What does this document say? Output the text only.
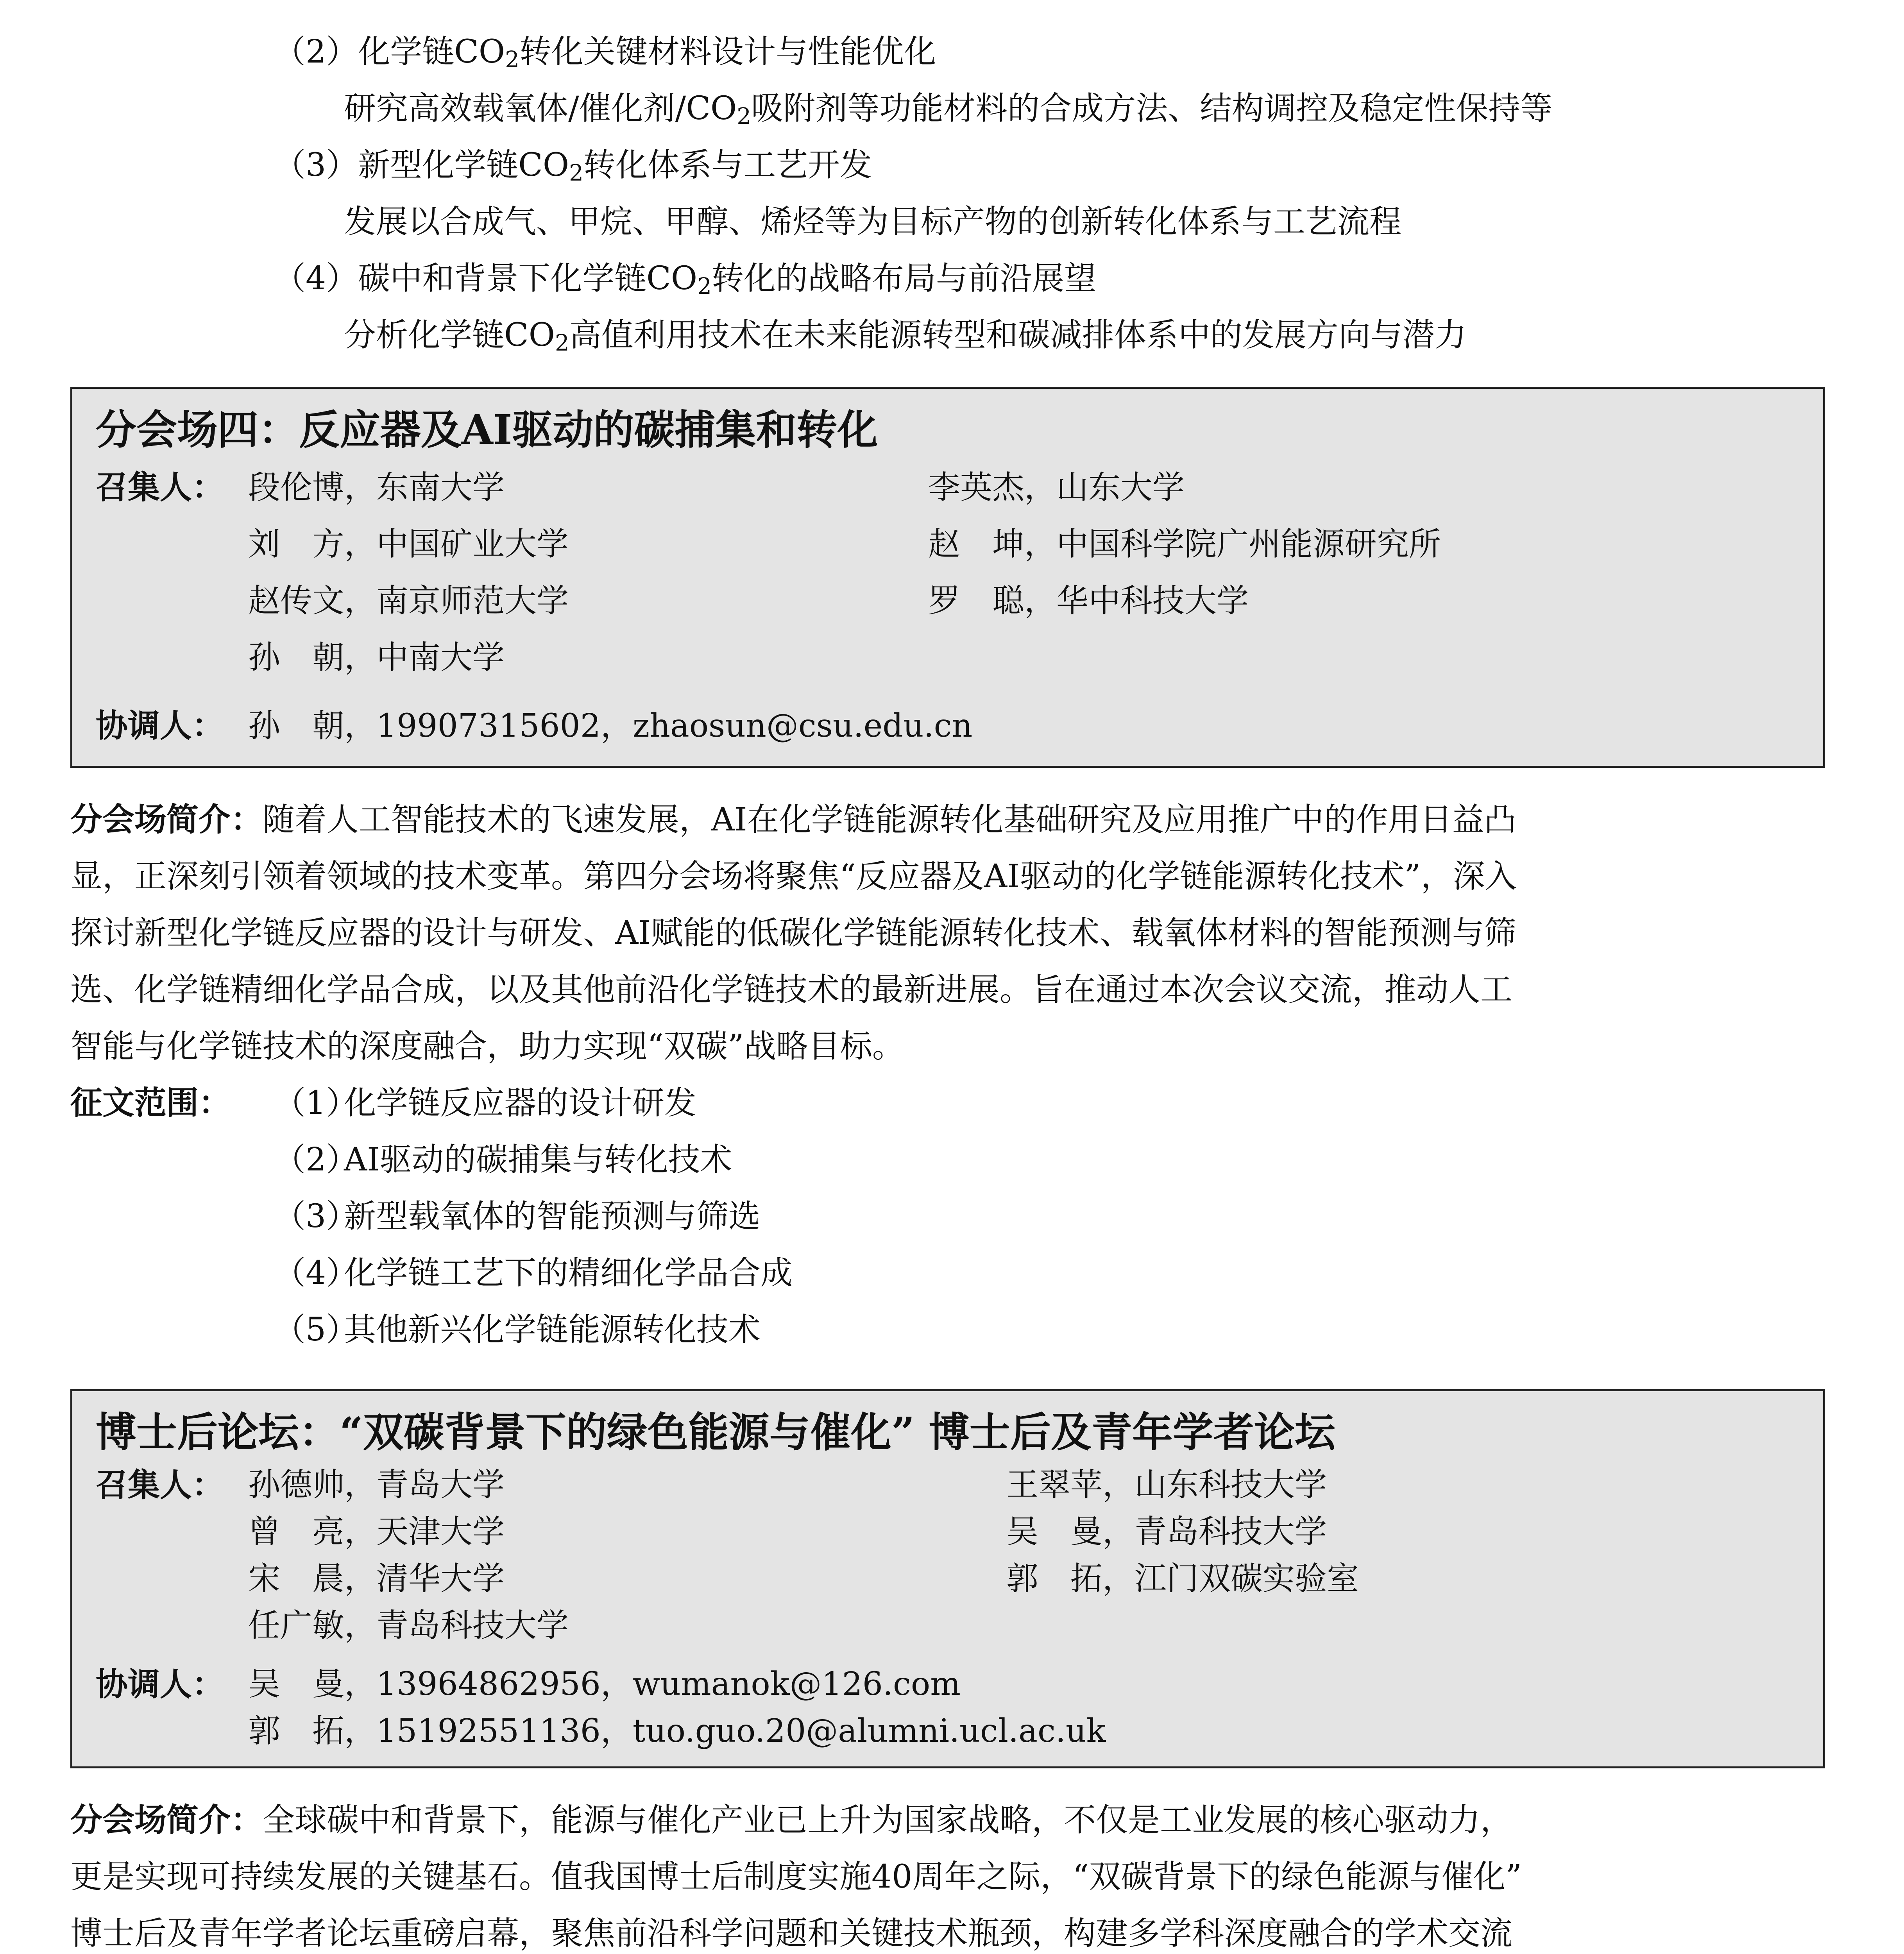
（2）化学链$CO_2$转化关键材料设计与性能优化
研究高效载氧体/催化剂$/CO_2$吸附剂等功能材料的合成方法、结构调控及稳定性保持等
（3）新型化学链$CO_2$转化体系与工艺开发
发展以合成气、甲烷、甲醇、烯烃等为目标产物的创新转化体系与工艺流程
（4）碳中和背景下化学链$CO_2$转化的战略布局与前沿展望
分析化学链$CO_2$高值利用技术在未来能源转型和碳减排体系中的发展方向与潜力
分会场四：反应器及AI驱动的碳捕集和转化
召集人： 段伦博，东南大学	李英杰，山东大学
刘　方，中国矿业大学	赵　坤，中国科学院广州能源研究所
赵传文，南京师范大学	罗　聪，华中科技大学
孙　朝，中南大学
协调人： 孙　朝，19907315602，zhaosun@csu.edu.cn
分会场简介：随着人工智能技术的飞速发展，AI在化学链能源转化基础研究及应用推广中的作用日益凸
显，正深刻引领着领域的技术变革。第四分会场将聚焦“反应器及AI驱动的化学链能源转化技术”，深入
探讨新型化学链反应器的设计与研发、AI赋能的低碳化学链能源转化技术、载氧体材料的智能预测与筛
选、化学链精细化学品合成，以及其他前沿化学链技术的最新进展。旨在通过本次会议交流，推动人工
智能与化学链技术的深度融合，助力实现“双碳”战略目标。
征文范围：	（1）
化学链反应器的设计研发
（2）
AI驱动的碳捕集与转化技术
（3）
新型载氧体的智能预测与筛选
（4）
化学链工艺下的精细化学品合成
（5）
其他新兴化学链能源转化技术
博士后论坛：“双碳背景下的绿色能源与催化” 博士后及青年学者论坛
召集人： 孙德帅，青岛大学	王翠苹，山东科技大学
曾　亮，天津大学	吴　曼，青岛科技大学
宋　晨，清华大学	郭　拓，江门双碳实验室
任广敏，青岛科技大学
协调人： 吴　曼，13964862956，wumanok@126.com
郭　拓，15192551136，tuo.guo.20@alumni.ucl.ac.uk
分会场简介：全球碳中和背景下，能源与催化产业已上升为国家战略，不仅是工业发展的核心驱动力，
更是实现可持续发展的关键基石。值我国博士后制度实施40周年之际，“双碳背景下的绿色能源与催化”
博士后及青年学者论坛重磅启幕，聚焦前沿科学问题和关键技术瓶颈，构建多学科深度融合的学术交流
